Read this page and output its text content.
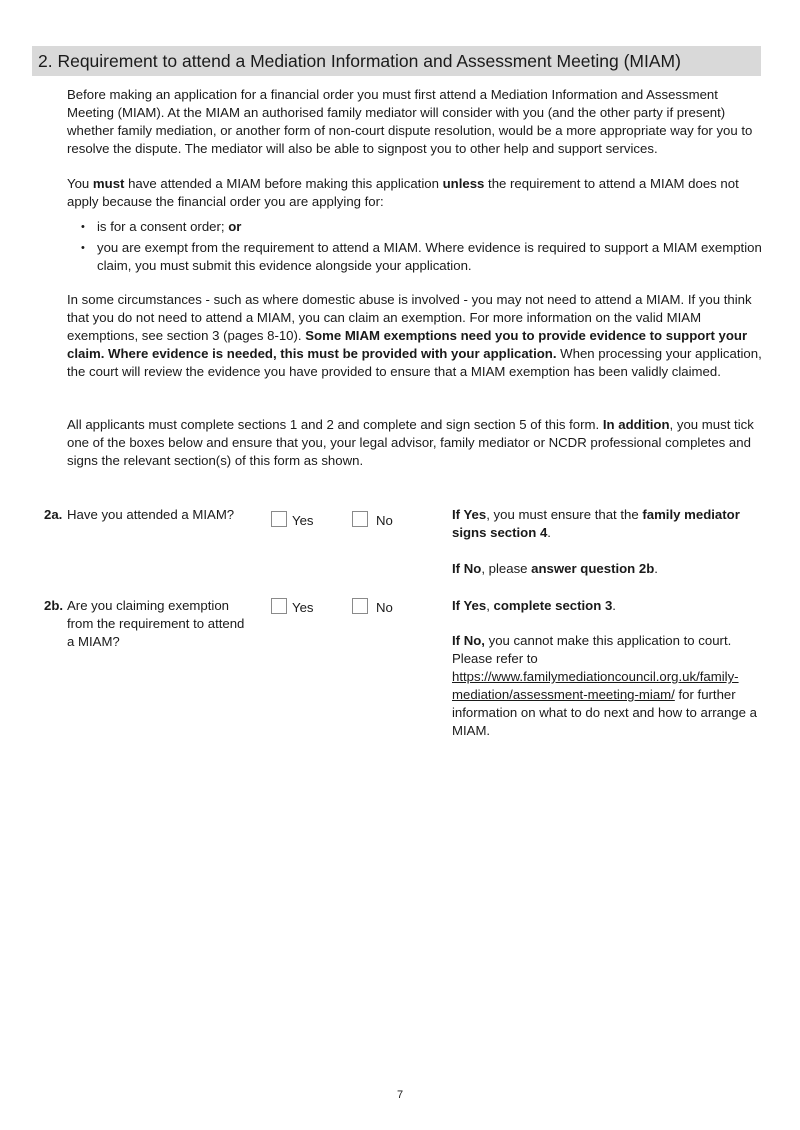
2. Requirement to attend a Mediation Information and Assessment Meeting (MIAM)
Before making an application for a financial order you must first attend a Mediation Information and Assessment Meeting (MIAM). At the MIAM an authorised family mediator will consider with you (and the other party if present) whether family mediation, or another form of non-court dispute resolution, would be a more appropriate way for you to resolve the dispute. The mediator will also be able to signpost you to other help and support services.
You must have attended a MIAM before making this application unless the requirement to attend a MIAM does not apply because the financial order you are applying for:
• is for a consent order; or
• you are exempt from the requirement to attend a MIAM. Where evidence is required to support a MIAM exemption claim, you must submit this evidence alongside your application.
In some circumstances - such as where domestic abuse is involved - you may not need to attend a MIAM. If you think that you do not need to attend a MIAM, you can claim an exemption. For more information on the valid MIAM exemptions, see section 3 (pages 8-10). Some MIAM exemptions need you to provide evidence to support your claim. Where evidence is needed, this must be provided with your application. When processing your application, the court will review the evidence you have provided to ensure that a MIAM exemption has been validly claimed.
All applicants must complete sections 1 and 2 and complete and sign section 5 of this form. In addition, you must tick one of the boxes below and ensure that you, your legal advisor, family mediator or NCDR professional completes and signs the relevant section(s) of this form as shown.
2a. Have you attended a MIAM?	Yes	No	If Yes, you must ensure that the family mediator signs section 4.
If No, please answer question 2b.
2b. Are you claiming exemption from the requirement to attend a MIAM?
Yes	No	If Yes, complete section 3.
If No, you cannot make this application to court. Please refer to https://www.familymediationcouncil.org.uk/family-mediation/assessment-meeting-miam/ for further information on what to do next and how to arrange a MIAM.
7
